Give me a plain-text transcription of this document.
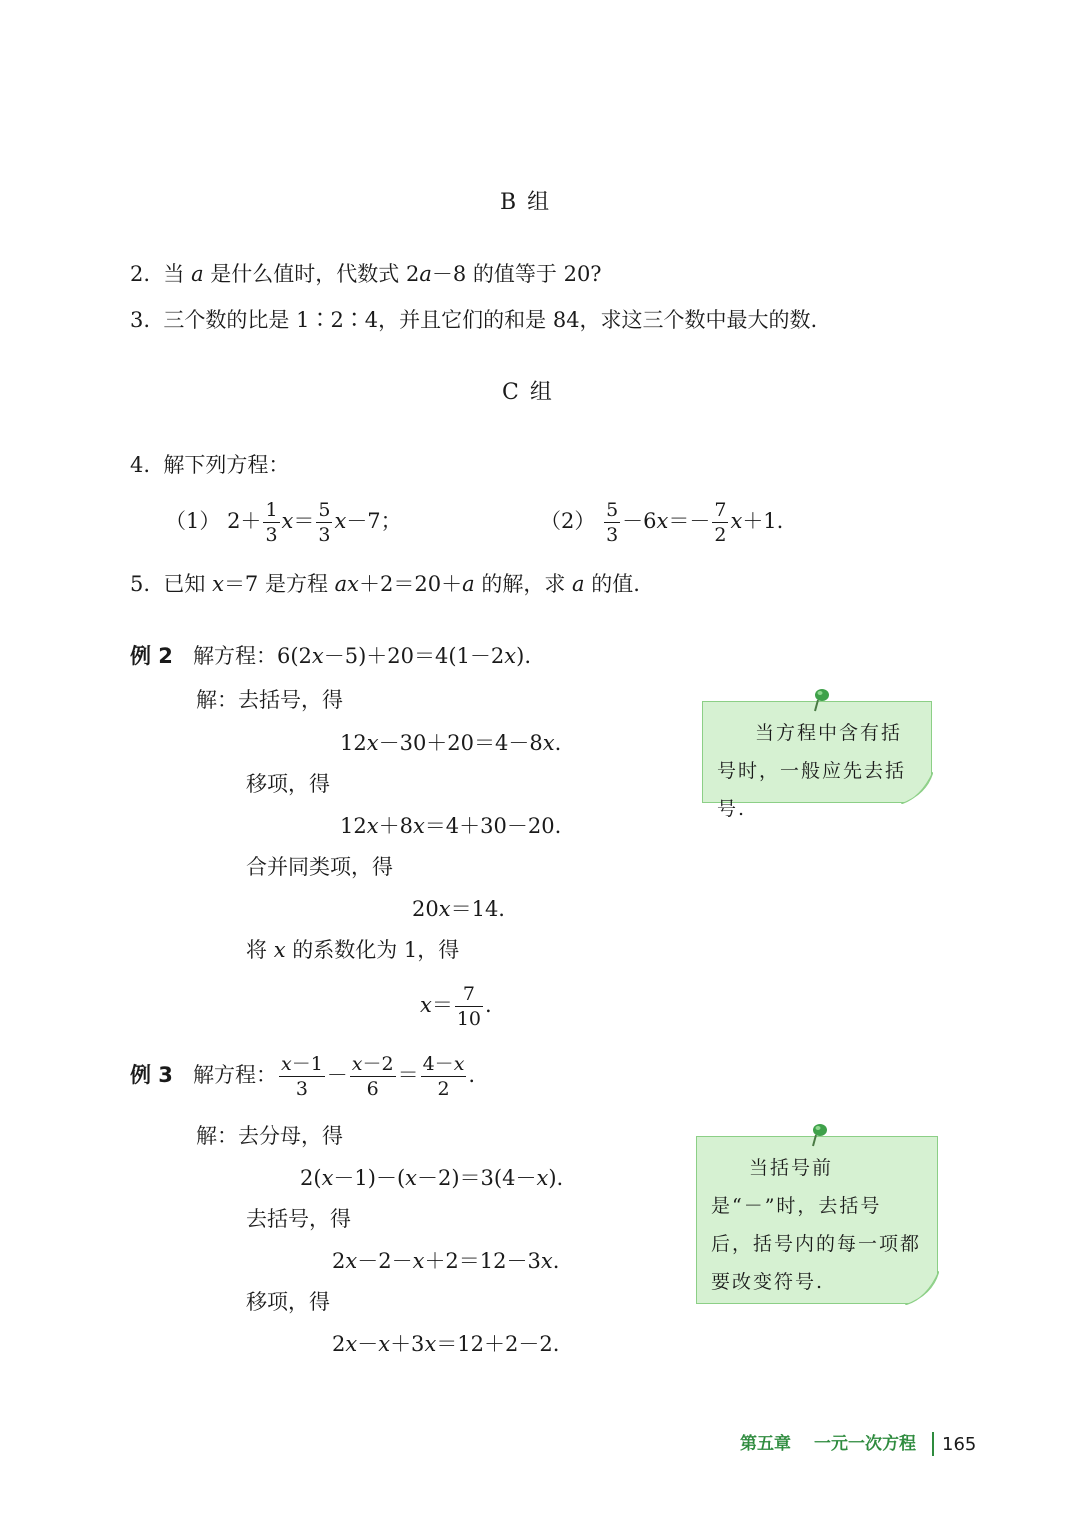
B 组
2. 当 a 是什么值时，代数式 2a－8 的值等于 20?
3. 三个数的比是 1∶2∶4，并且它们的和是 84，求这三个数中最大的数.
C 组
4. 解下列方程：
（1） $2+ \frac{1}{3} x= \frac{5}{3} x-7$；	$(2) \frac{5}{3} -6x=- \frac{7}{2} x+1$.
5. 已知 x＝7 是方程 ax＋2＝20＋a 的解，求 a 的值.
例 2 解方程：6(2x－5)＋20＝4(1－2x).
解：去括号，得
12x－30＋20＝4－8x.
移项，得
12x＋8x＝4＋30－20.
合并同类项，得
20x＝14.
将 x 的系数化为 1，得
$x= \frac{7}{10}$ .
当方程中含有括号时，一般应先去括号.
例 3 解方程： $\frac{x-1}{3} - \frac{x-2}{6} = \frac{4-x}{2}$ .
解：去分母，得
2(x－1)－(x－2)＝3(4－x).
去括号，得
2x－2－x＋2＝12－3x.
移项，得
2x－x＋3x＝12＋2－2.
当括号前是“－”时，去括号后，括号内的每一项都要改变符号.
第五章 一元一次方程 165
